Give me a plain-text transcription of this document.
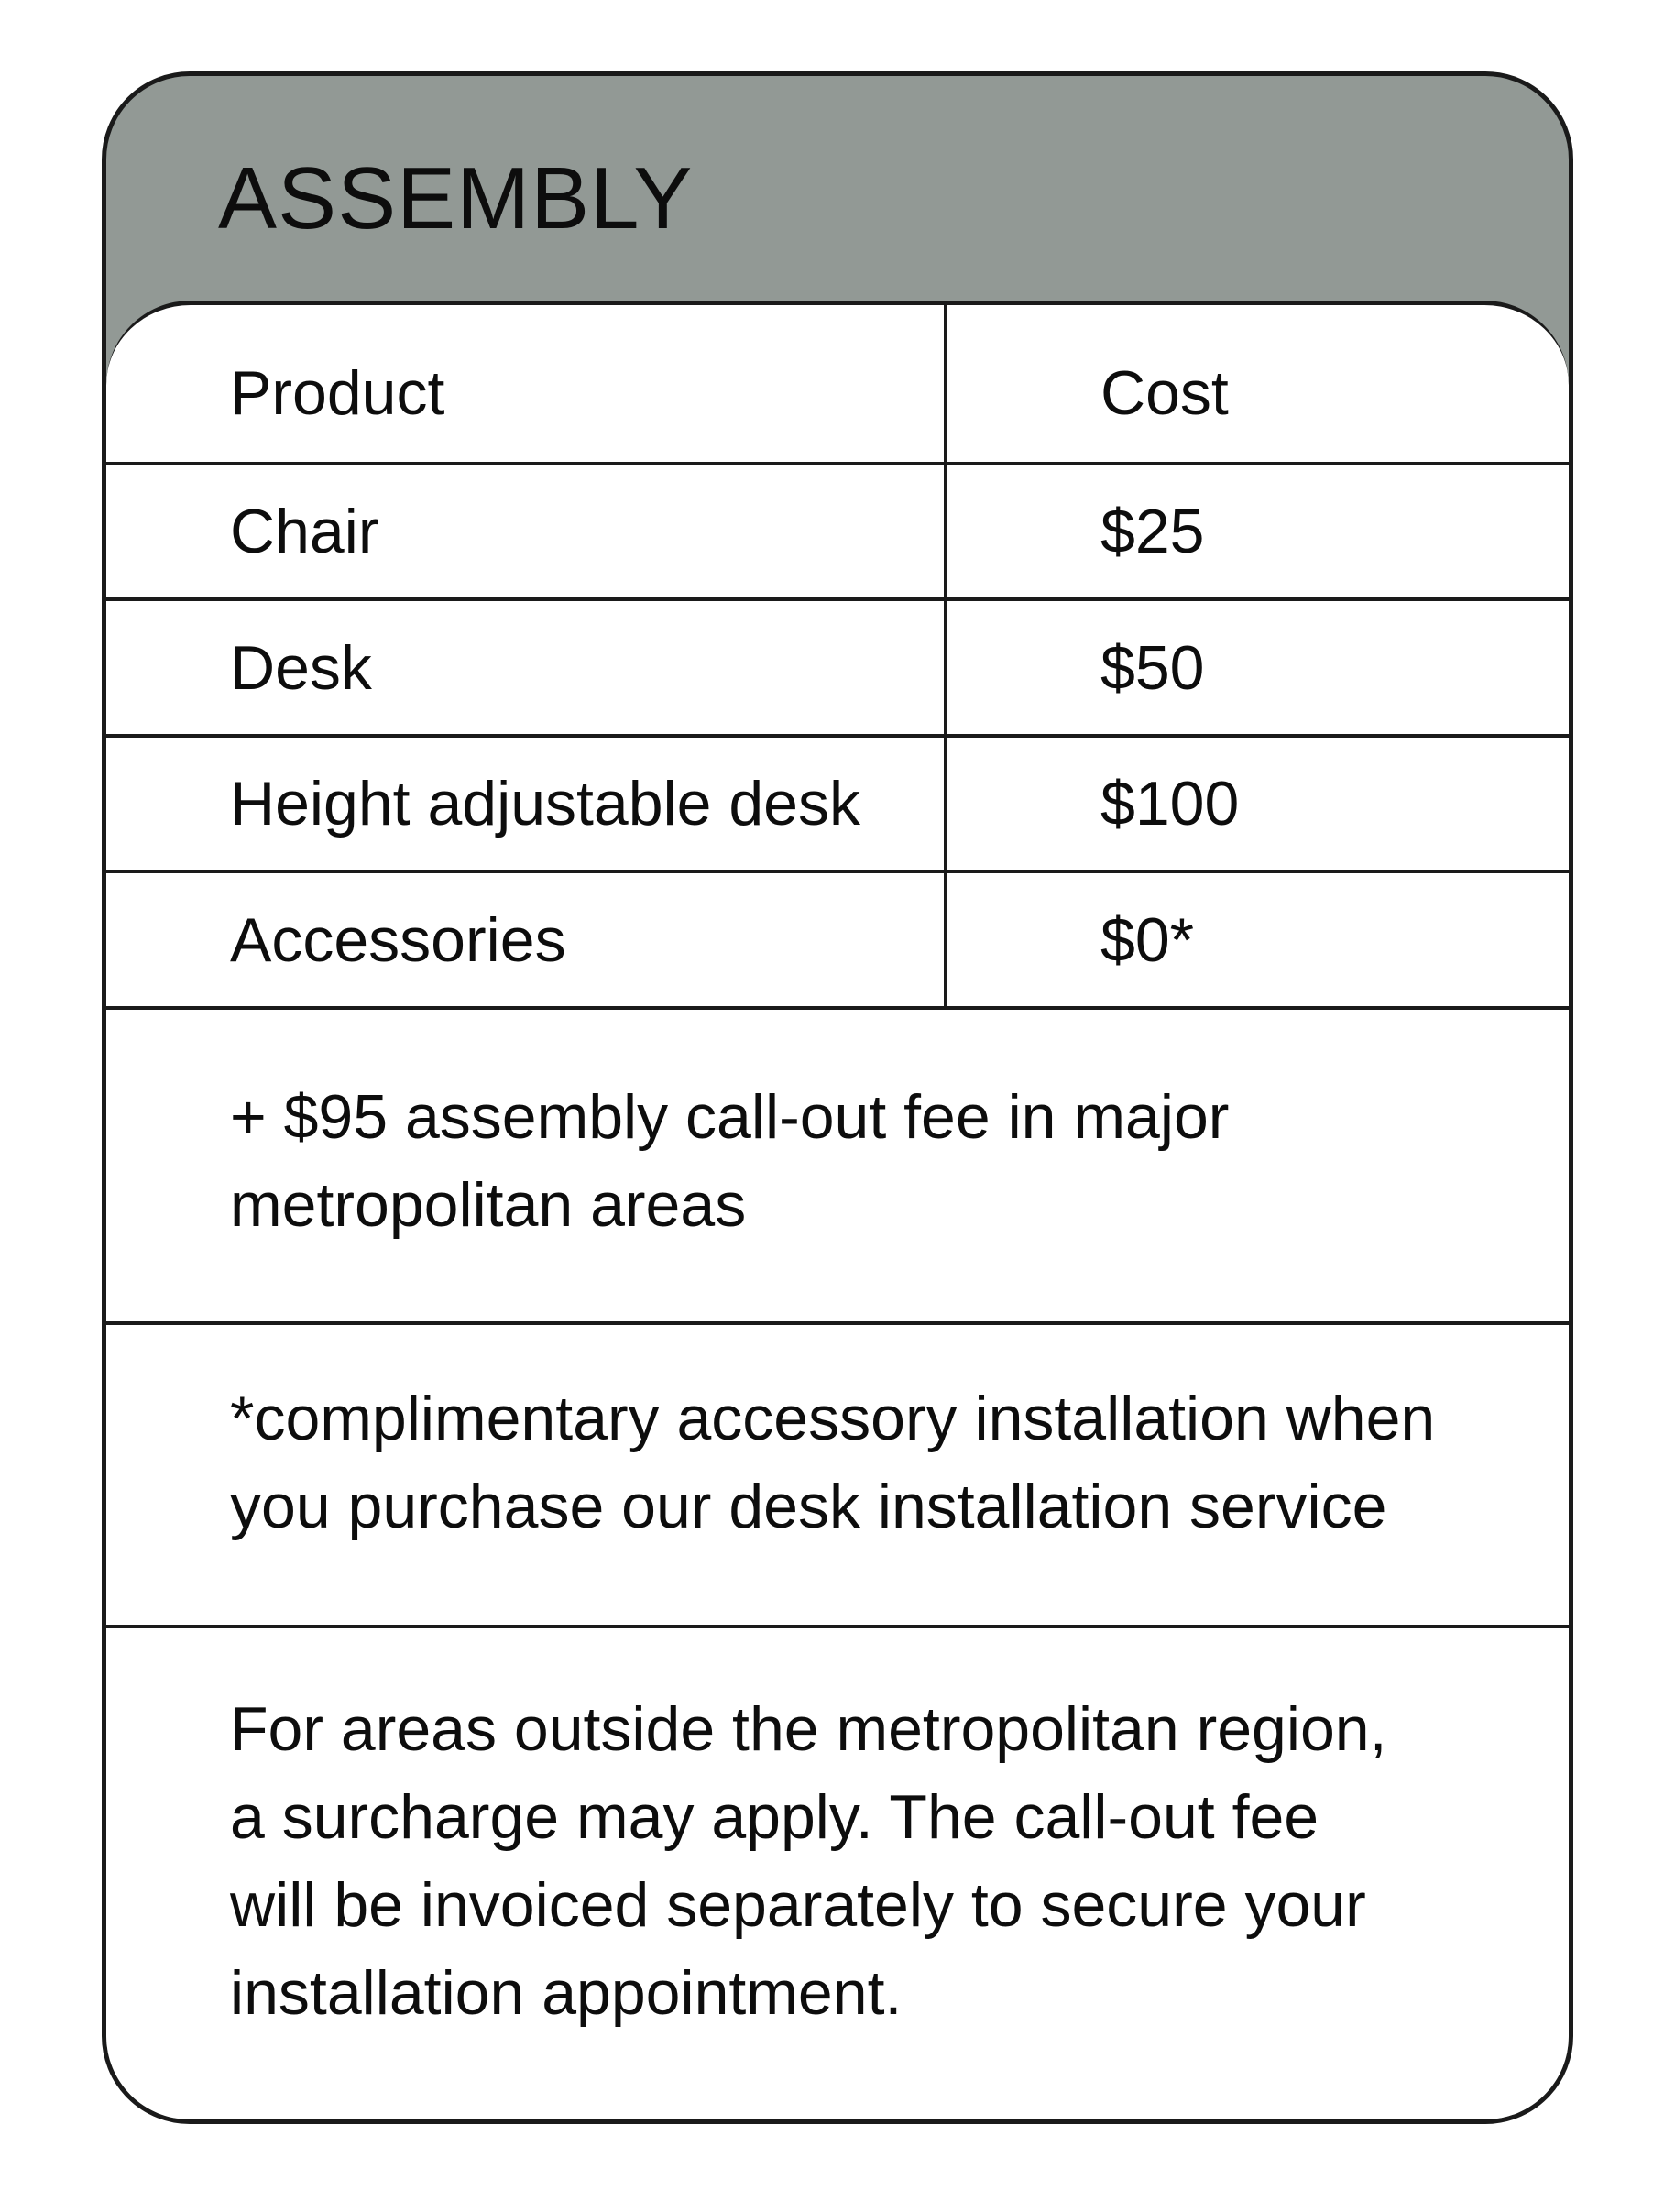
ASSEMBLY
Product	Cost
Chair	$25
Desk	$50
Height adjustable desk	$100
Accessories	$0*

+ $95 assembly call-out fee in major

metropolitan areas

*complimentary accessory installation when

you purchase our desk installation service

For areas outside the metropolitan region,

a surcharge may apply. The call-out fee

will be invoiced separately to secure your

installation appointment.
